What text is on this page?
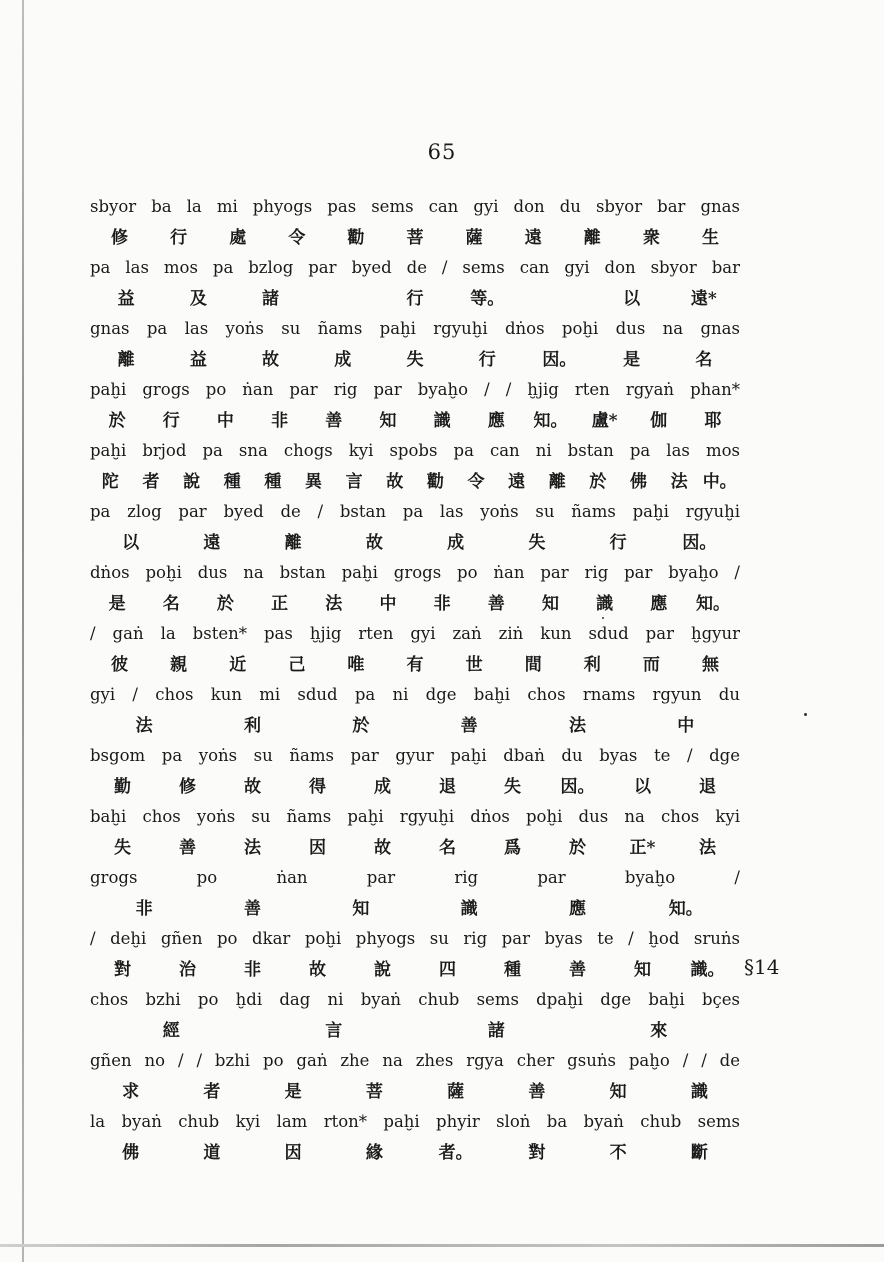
65
sbyor ba la mi phyogs pas sems can gyi don du sbyor bar gnas
修	行	處	令	勸	菩	薩	遠	離	衆	生
pa las mos pa bzlog par byed de / sems can gyi don sbyor bar
益	及	諸	行	等。	以	遠*
gnas pa las yoṅs su ñams paḫi rgyuḫi dṅos poḫi dus na gnas
離	益	故	成	失	行	因。	是	名
paḫi grogs po ṅan par rig par byaḫo / / ḫjig rten rgyaṅ phan*
於	行	中	非	善	知	識	應	知。	盧*	伽	耶
paḫi brjod pa sna chogs kyi spobs pa can ni bstan pa las mos
陀	者	說	種	種	異	言	故	勸	令	遠	離	於	佛	法 中。
pa zlog par byed de / bstan pa las yoṅs su ñams paḫi rgyuḫi
以	遠	離	故	成	失	行	因。
dṅos poḫi dus na bstan paḫi grogs po ṅan par rig par byaḫo /
是	名	於	正	法	中	非	善	知	識	應	知。
/ gaṅ la bsten* pas ḫjig rten gyi zaṅ ziṅ kun sdud par ḫgyur
彼	親	近	己	唯	有	世	間	利	而	無
gyi / chos kun mi sdud pa ni dge baḫi chos rnams rgyun du
法	利	於	善	法	中
bsgom pa yoṅs su ñams par gyur paḫi dbaṅ du byas te / dge
勤	修	故	得	成	退	失	因。	以	退
baḫi chos yoṅs su ñams paḫi rgyuḫi dṅos poḫi dus na chos kyi
失	善	法	因	故	名	爲	於	正*	法
grogs po ṅan par rig par byaḫo /
非	善	知	識	應	知。
/ deḫi gñen po dkar poḫi phyogs su rig par byas te / ḫod sruṅs
對	治	非	故	說	四	種	善	知	識。
chos bzhi po ḫdi dag ni byaṅ chub sems dpaḫi dge baḫi bçes
經	言	諸	來
gñen no / / bzhi po gaṅ zhe na zhes rgya cher gsuṅs paḫo / / de
求	者	是	菩	薩	善	知	識
la byaṅ chub kyi lam rton* paḫi phyir sloṅ ba byaṅ chub sems
佛	道	因	緣	者。	對	不	斷
§14
